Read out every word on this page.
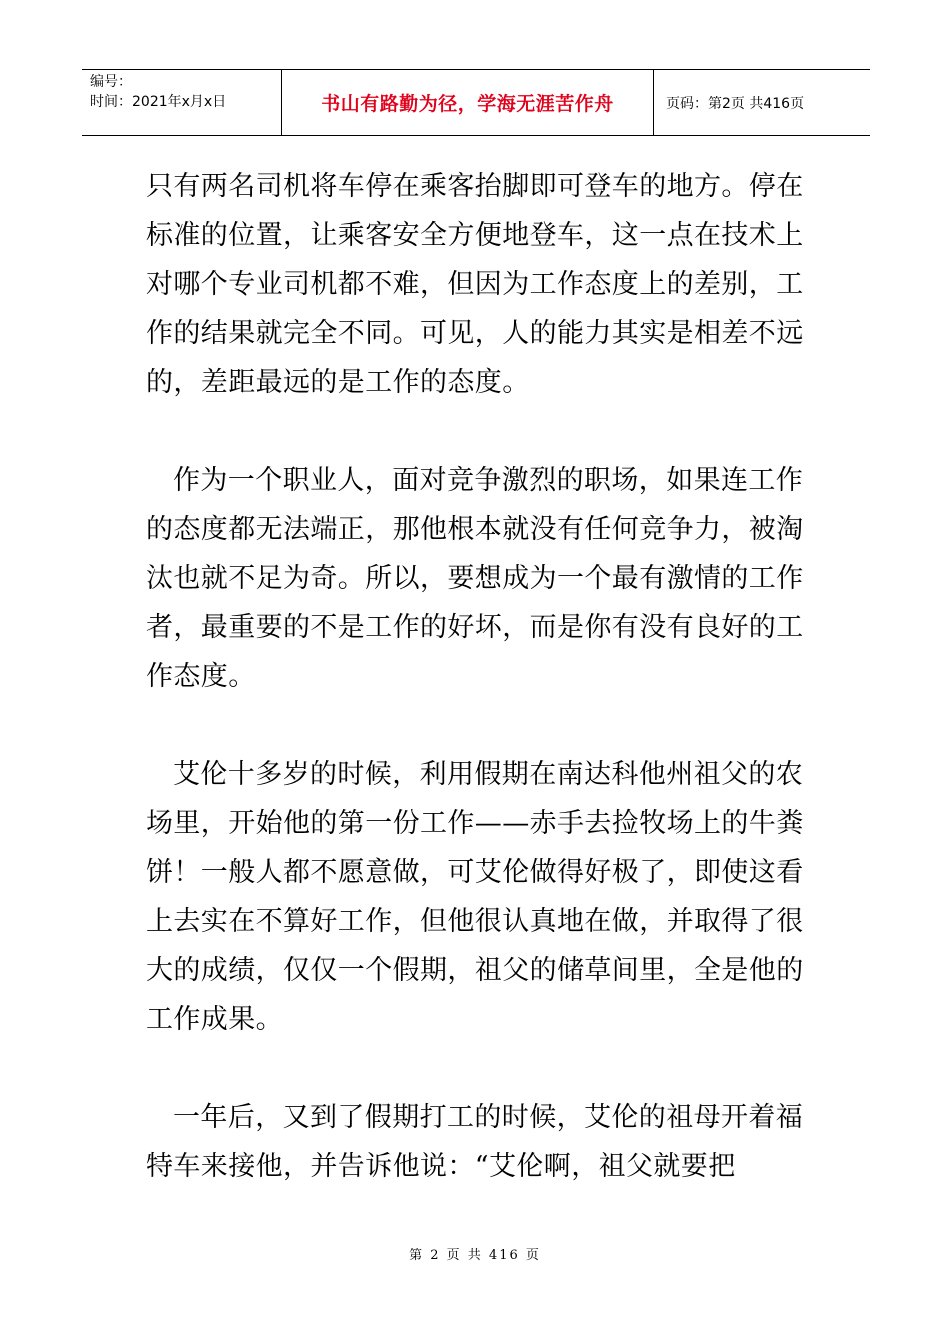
编号：
时间：2021年x月x日	书山有路勤为径，学海无涯苦作舟	页码：第2页 共416页

只有两名司机将车停在乘客抬脚即可登车的地方。停在标准的位置，让乘客安全方便地登车，这一点在技术上对哪个专业司机都不难，但因为工作态度上的差别，工作的结果就完全不同。可见，人的能力其实是相差不远的，差距最远的是工作的态度。

作为一个职业人，面对竞争激烈的职场，如果连工作的态度都无法端正，那他根本就没有任何竞争力，被淘汰也就不足为奇。所以，要想成为一个最有激情的工作者，最重要的不是工作的好坏，而是你有没有良好的工作态度。

艾伦十多岁的时候，利用假期在南达科他州祖父的农场里，开始他的第一份工作——赤手去捡牧场上的牛粪饼！一般人都不愿意做，可艾伦做得好极了，即使这看上去实在不算好工作，但他很认真地在做，并取得了很大的成绩，仅仅一个假期，祖父的储草间里，全是他的工作成果。

一年后，又到了假期打工的时候，艾伦的祖母开着福特车来接他，并告诉他说：“艾伦啊，祖父就要把

第 2 页 共 416 页
